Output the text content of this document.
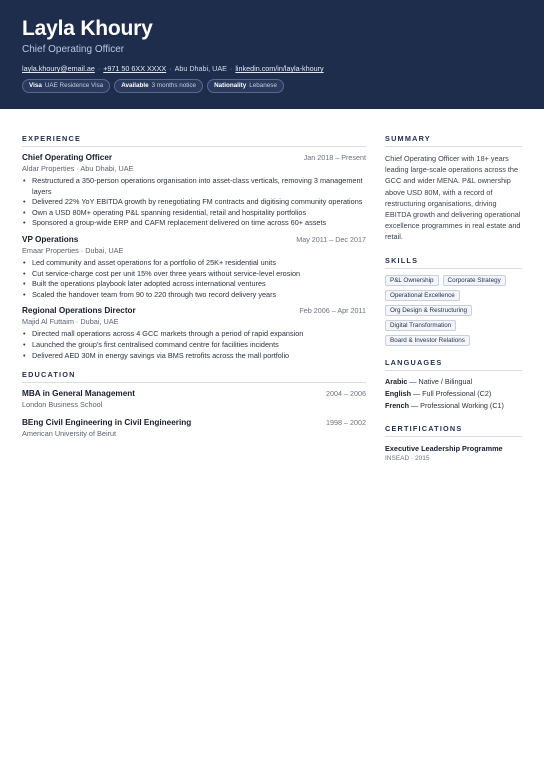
Layla Khoury
Chief Operating Officer
layla.khoury@email.ae · +971 50 6XX XXXX · Abu Dhabi, UAE · linkedin.com/in/layla-khoury
Visa UAE Residence Visa	Available 3 months notice	Nationality Lebanese
EXPERIENCE
Chief Operating Officer	Jan 2018 – Present
Aldar Properties · Abu Dhabi, UAE
• Restructured a 350-person operations organisation into asset-class verticals, removing 3 management layers
• Delivered 22% YoY EBITDA growth by renegotiating FM contracts and digitising community operations
• Own a USD 80M+ operating P&L spanning residential, retail and hospitality portfolios
• Sponsored a group-wide ERP and CAFM replacement delivered on time across 60+ assets
VP Operations	May 2011 – Dec 2017
Emaar Properties · Dubai, UAE
• Led community and asset operations for a portfolio of 25K+ residential units
• Cut service-charge cost per unit 15% over three years without service-level erosion
• Built the operations playbook later adopted across international ventures
• Scaled the handover team from 90 to 220 through two record delivery years
Regional Operations Director	Feb 2006 – Apr 2011
Majid Al Futtaim · Dubai, UAE
• Directed mall operations across 4 GCC markets through a period of rapid expansion
• Launched the group's first centralised command centre for facilities incidents
• Delivered AED 30M in energy savings via BMS retrofits across the mall portfolio
EDUCATION
MBA in General Management	2004 – 2006
London Business School
BEng Civil Engineering in Civil Engineering	1998 – 2002
American University of Beirut
SUMMARY
Chief Operating Officer with 18+ years leading large-scale operations across the GCC and wider MENA. P&L ownership above USD 80M, with a record of restructuring organisations, driving EBITDA growth and delivering operational excellence programmes in real estate and retail.
SKILLS
P&L Ownership	Corporate Strategy
Operational Excellence
Org Design & Restructuring
Digital Transformation
Board & Investor Relations
LANGUAGES
Arabic — Native / Bilingual
English — Full Professional (C2)
French — Professional Working (C1)
CERTIFICATIONS
Executive Leadership Programme
INSEAD · 2015
